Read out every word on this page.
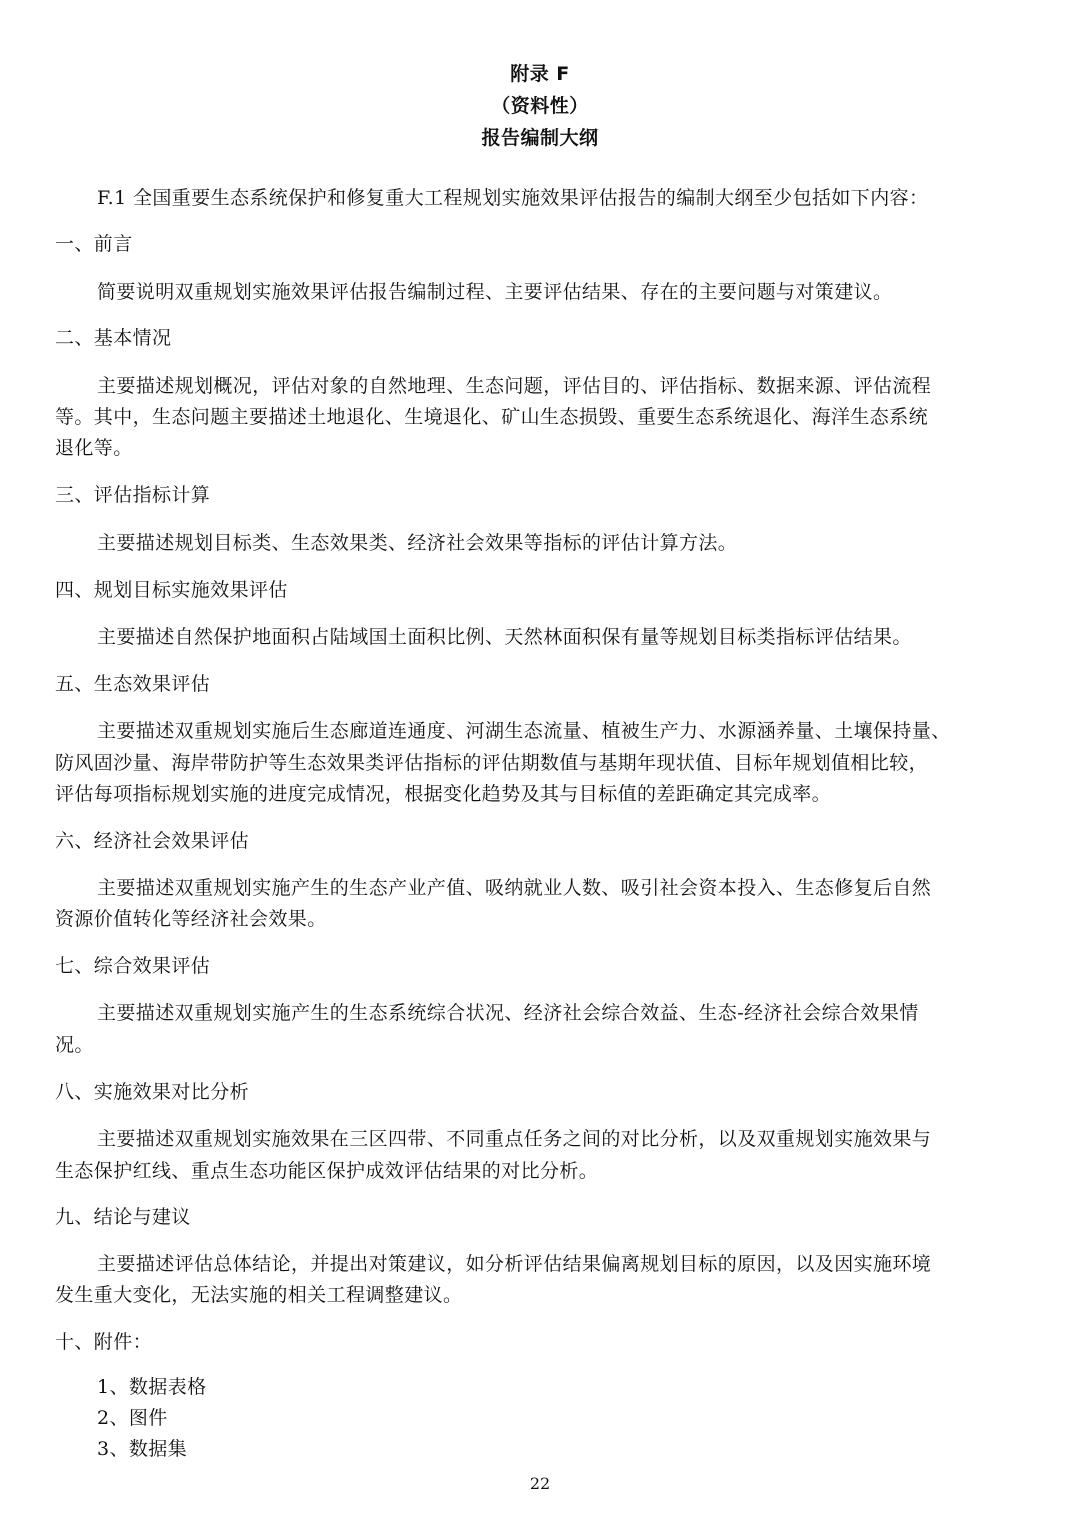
附录 F
（资料性）
报告编制大纲
F.1 全国重要生态系统保护和修复重大工程规划实施效果评估报告的编制大纲至少包括如下内容：
一、前言
简要说明双重规划实施效果评估报告编制过程、主要评估结果、存在的主要问题与对策建议。
二、基本情况
主要描述规划概况，评估对象的自然地理、生态问题，评估目的、评估指标、数据来源、评估流程
等。其中，生态问题主要描述土地退化、生境退化、矿山生态损毁、重要生态系统退化、海洋生态系统
退化等。
三、评估指标计算
主要描述规划目标类、生态效果类、经济社会效果等指标的评估计算方法。
四、规划目标实施效果评估
主要描述自然保护地面积占陆域国土面积比例、天然林面积保有量等规划目标类指标评估结果。
五、生态效果评估
主要描述双重规划实施后生态廊道连通度、河湖生态流量、植被生产力、水源涵养量、土壤保持量、
防风固沙量、海岸带防护等生态效果类评估指标的评估期数值与基期年现状值、目标年规划值相比较，
评估每项指标规划实施的进度完成情况，根据变化趋势及其与目标值的差距确定其完成率。
六、经济社会效果评估
主要描述双重规划实施产生的生态产业产值、吸纳就业人数、吸引社会资本投入、生态修复后自然
资源价值转化等经济社会效果。
七、综合效果评估
主要描述双重规划实施产生的生态系统综合状况、经济社会综合效益、生态-经济社会综合效果情
况。
八、实施效果对比分析
主要描述双重规划实施效果在三区四带、不同重点任务之间的对比分析，以及双重规划实施效果与
生态保护红线、重点生态功能区保护成效评估结果的对比分析。
九、结论与建议
主要描述评估总体结论，并提出对策建议，如分析评估结果偏离规划目标的原因，以及因实施环境
发生重大变化，无法实施的相关工程调整建议。
十、附件：
1、数据表格
2、图件
3、数据集
22
